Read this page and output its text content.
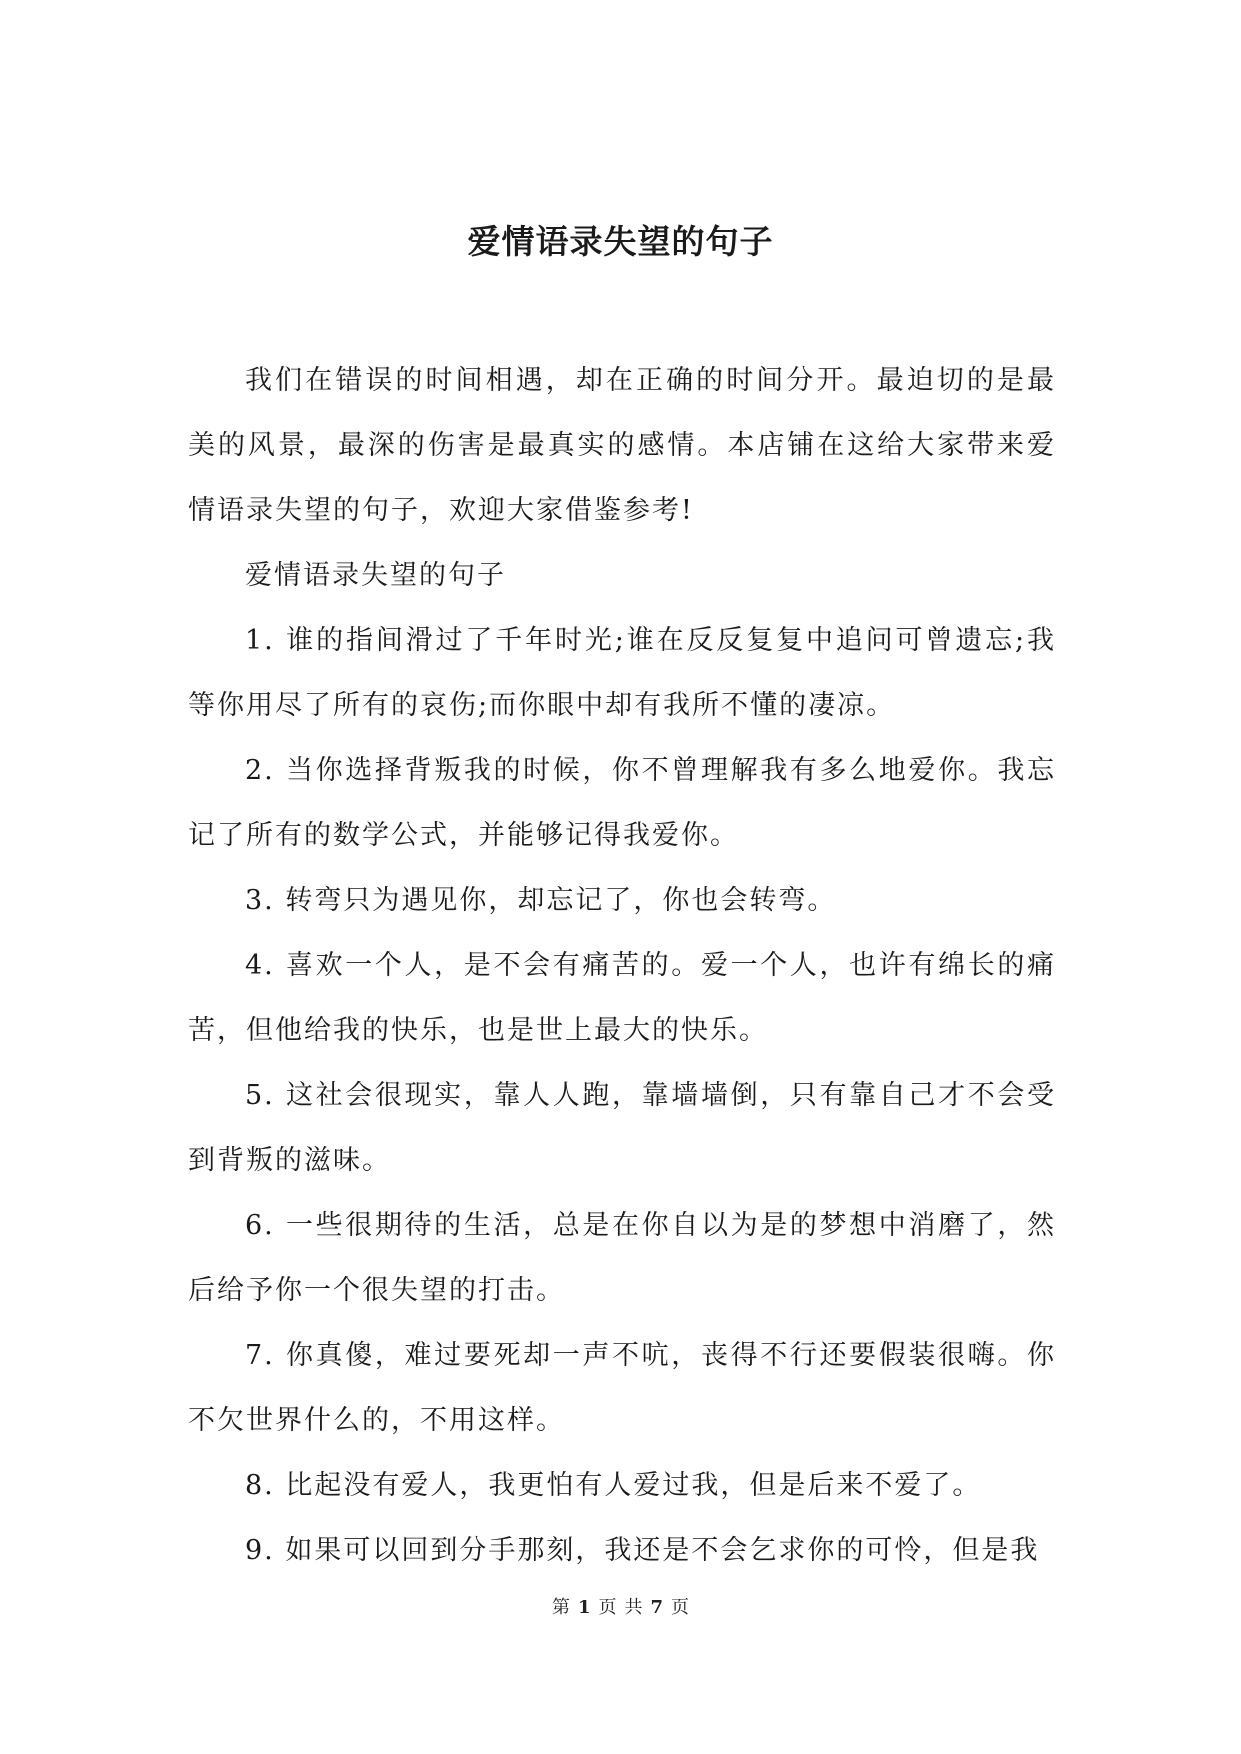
爱情语录失望的句子

我们在错误的时间相遇，却在正确的时间分开。最迫切的是最美的风景，最深的伤害是最真实的感情。本店铺在这给大家带来爱情语录失望的句子，欢迎大家借鉴参考!

爱情语录失望的句子

1. 谁的指间滑过了千年时光;谁在反反复复中追问可曾遗忘;我等你用尽了所有的哀伤;而你眼中却有我所不懂的凄凉。

2. 当你选择背叛我的时候，你不曾理解我有多么地爱你。我忘记了所有的数学公式，并能够记得我爱你。

3. 转弯只为遇见你，却忘记了，你也会转弯。

4. 喜欢一个人，是不会有痛苦的。爱一个人，也许有绵长的痛苦，但他给我的快乐，也是世上最大的快乐。

5. 这社会很现实，靠人人跑，靠墙墙倒，只有靠自己才不会受到背叛的滋味。

6. 一些很期待的生活，总是在你自以为是的梦想中消磨了，然后给予你一个很失望的打击。

7. 你真傻，难过要死却一声不吭，丧得不行还要假装很嗨。你不欠世界什么的，不用这样。

8. 比起没有爱人，我更怕有人爱过我，但是后来不爱了。

9. 如果可以回到分手那刻，我还是不会乞求你的可怜，但是我

第 1 页 共 7 页
